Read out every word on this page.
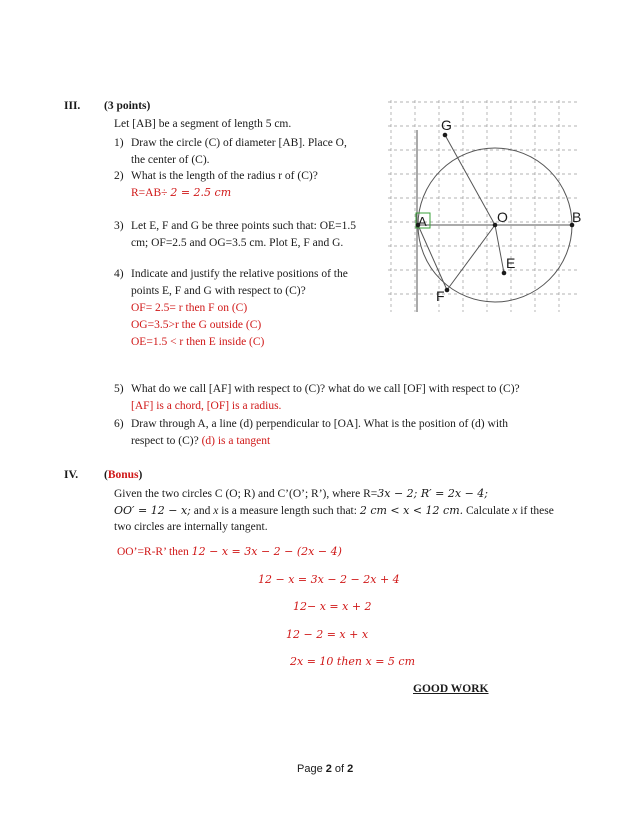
III. (3 points)
Let [AB] be a segment of length 5 cm.
1) Draw the circle (C) of diameter [AB]. Place O,
the center of (C).
2) What is the length of the radius r of (C)?
R=AB÷ 2 = 2.5 cm
3) Let E, F and G be three points such that: OE=1.5
cm; OF=2.5 and OG=3.5 cm. Plot E, F and G.
4) Indicate and justify the relative positions of the
points E, F and G with respect to (C)?
OF= 2.5= r then F on (C)
OG=3.5>r the G outside (C)
OE=1.5 < r then E inside (C)
G
A	O	B
E
F
5) What do we call [AF] with respect to (C)? what do we call [OF] with respect to (C)?
[AF] is a chord, [OF] is a radius.
6) Draw through A, a line (d) perpendicular to [OA]. What is the position of (d) with
respect to (C)? (d) is a tangent
IV. (Bonus)
Given the two circles C (O; R) and C’(O’; R’), where R=3x − 2; R′ = 2x − 4;
OO′ = 12 − x; and x is a measure length such that: 2 cm < x < 12 cm. Calculate x if these
two circles are internally tangent.
OO’=R-R’ then 12 − x = 3x − 2 − (2x − 4)
12 − x = 3x − 2 − 2x + 4
12− x = x + 2
12 − 2 = x + x
2x = 10 then x = 5 cm
GOOD WORK
Page 2 of 2
